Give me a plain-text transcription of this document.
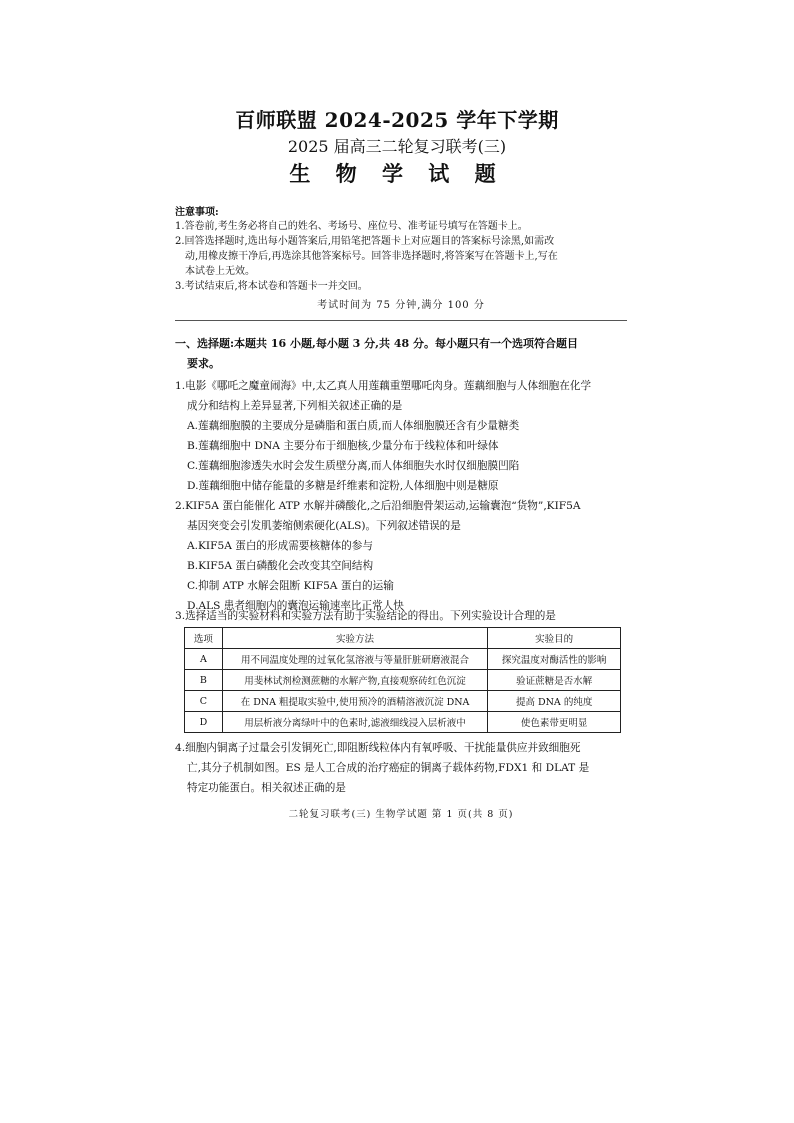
百师联盟 2024-2025 学年下学期
2025 届高三二轮复习联考(三)
生 物 学 试 题
注意事项:
1.答卷前,考生务必将自己的姓名、考场号、座位号、准考证号填写在答题卡上。
2.回答选择题时,选出每小题答案后,用铅笔把答题卡上对应题目的答案标号涂黑,如需改
动,用橡皮擦干净后,再选涂其他答案标号。回答非选择题时,将答案写在答题卡上,写在
本试卷上无效。
3.考试结束后,将本试卷和答题卡一并交回。
考试时间为 75 分钟,满分 100 分
一、选择题:本题共 16 小题,每小题 3 分,共 48 分。每小题只有一个选项符合题目
要求。
1.电影《哪吒之魔童闹海》中,太乙真人用莲藕重塑哪吒肉身。莲藕细胞与人体细胞在化学
成分和结构上差异显著,下列相关叙述正确的是
A.莲藕细胞膜的主要成分是磷脂和蛋白质,而人体细胞膜还含有少量糖类
B.莲藕细胞中 DNA 主要分布于细胞核,少量分布于线粒体和叶绿体
C.莲藕细胞渗透失水时会发生质壁分离,而人体细胞失水时仅细胞膜凹陷
D.莲藕细胞中储存能量的多糖是纤维素和淀粉,人体细胞中则是糖原
2.KIF5A 蛋白能催化 ATP 水解并磷酸化,之后沿细胞骨架运动,运输囊泡“货物”,KIF5A
基因突变会引发肌萎缩侧索硬化(ALS)。下列叙述错误的是
A.KIF5A 蛋白的形成需要核糖体的参与
B.KIF5A 蛋白磷酸化会改变其空间结构
C.抑制 ATP 水解会阻断 KIF5A 蛋白的运输
D.ALS 患者细胞内的囊泡运输速率比正常人快
3.选择适当的实验材料和实验方法有助于实验结论的得出。下列实验设计合理的是
选项	实验方法	实验目的
A	用不同温度处理的过氧化氢溶液与等量肝脏研磨液混合	探究温度对酶活性的影响
B	用斐林试剂检测蔗糖的水解产物,直接观察砖红色沉淀	验证蔗糖是否水解
C	在 DNA 粗提取实验中,使用预冷的酒精溶液沉淀 DNA	提高 DNA 的纯度
D	用层析液分离绿叶中的色素时,滤液细线浸入层析液中	使色素带更明显
4.细胞内铜离子过量会引发铜死亡,即阻断线粒体内有氧呼吸、干扰能量供应并致细胞死
亡,其分子机制如图。ES 是人工合成的治疗癌症的铜离子载体药物,FDX1 和 DLAT 是
特定功能蛋白。相关叙述正确的是
二轮复习联考(三) 生物学试题 第 1 页(共 8 页)
